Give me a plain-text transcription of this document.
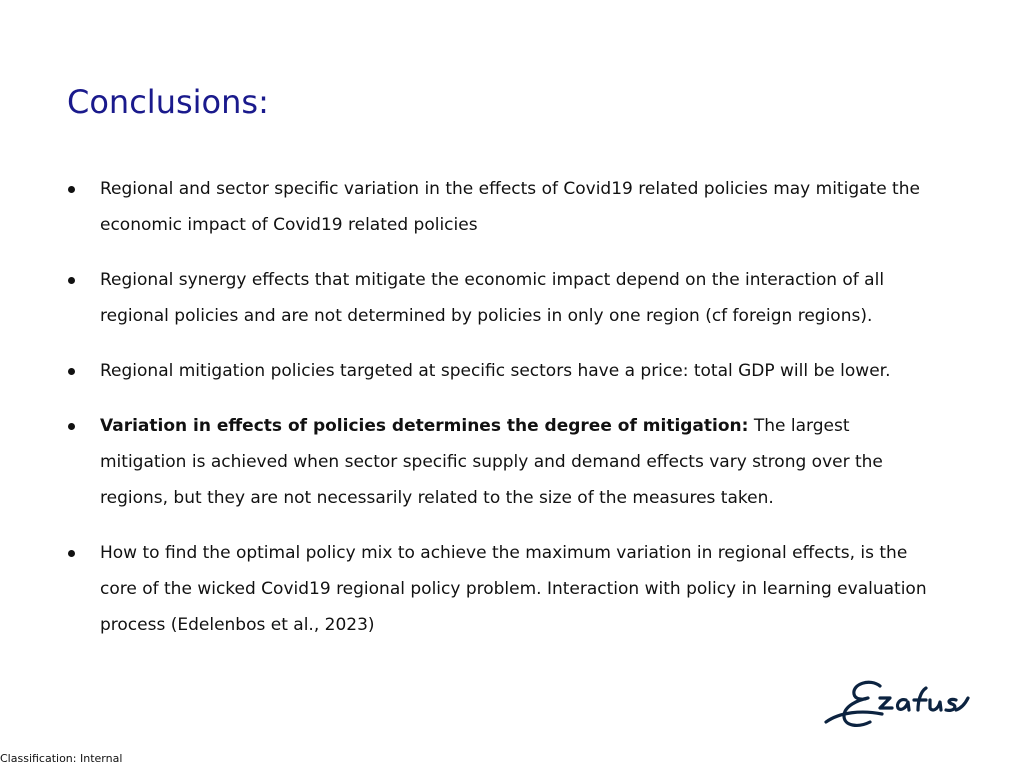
Conclusions:
Regional and sector specific variation in the effects of Covid19 related policies may mitigate the economic impact of Covid19 related policies
Regional synergy effects that mitigate the economic impact depend on the interaction of all regional policies and are not determined by policies in only one region (cf foreign regions).
Regional mitigation policies targeted at specific sectors have a price: total GDP will be lower.
Variation in effects of policies determines the degree of mitigation: The largest mitigation is achieved when sector specific supply and demand effects vary strong over the regions, but they are not necessarily related to the size of the measures taken.
How to find the optimal policy mix to achieve the maximum variation in regional effects, is the core of the wicked Covid19 regional policy problem. Interaction with policy in learning evaluation process (Edelenbos et al., 2023)
Classification: Internal
